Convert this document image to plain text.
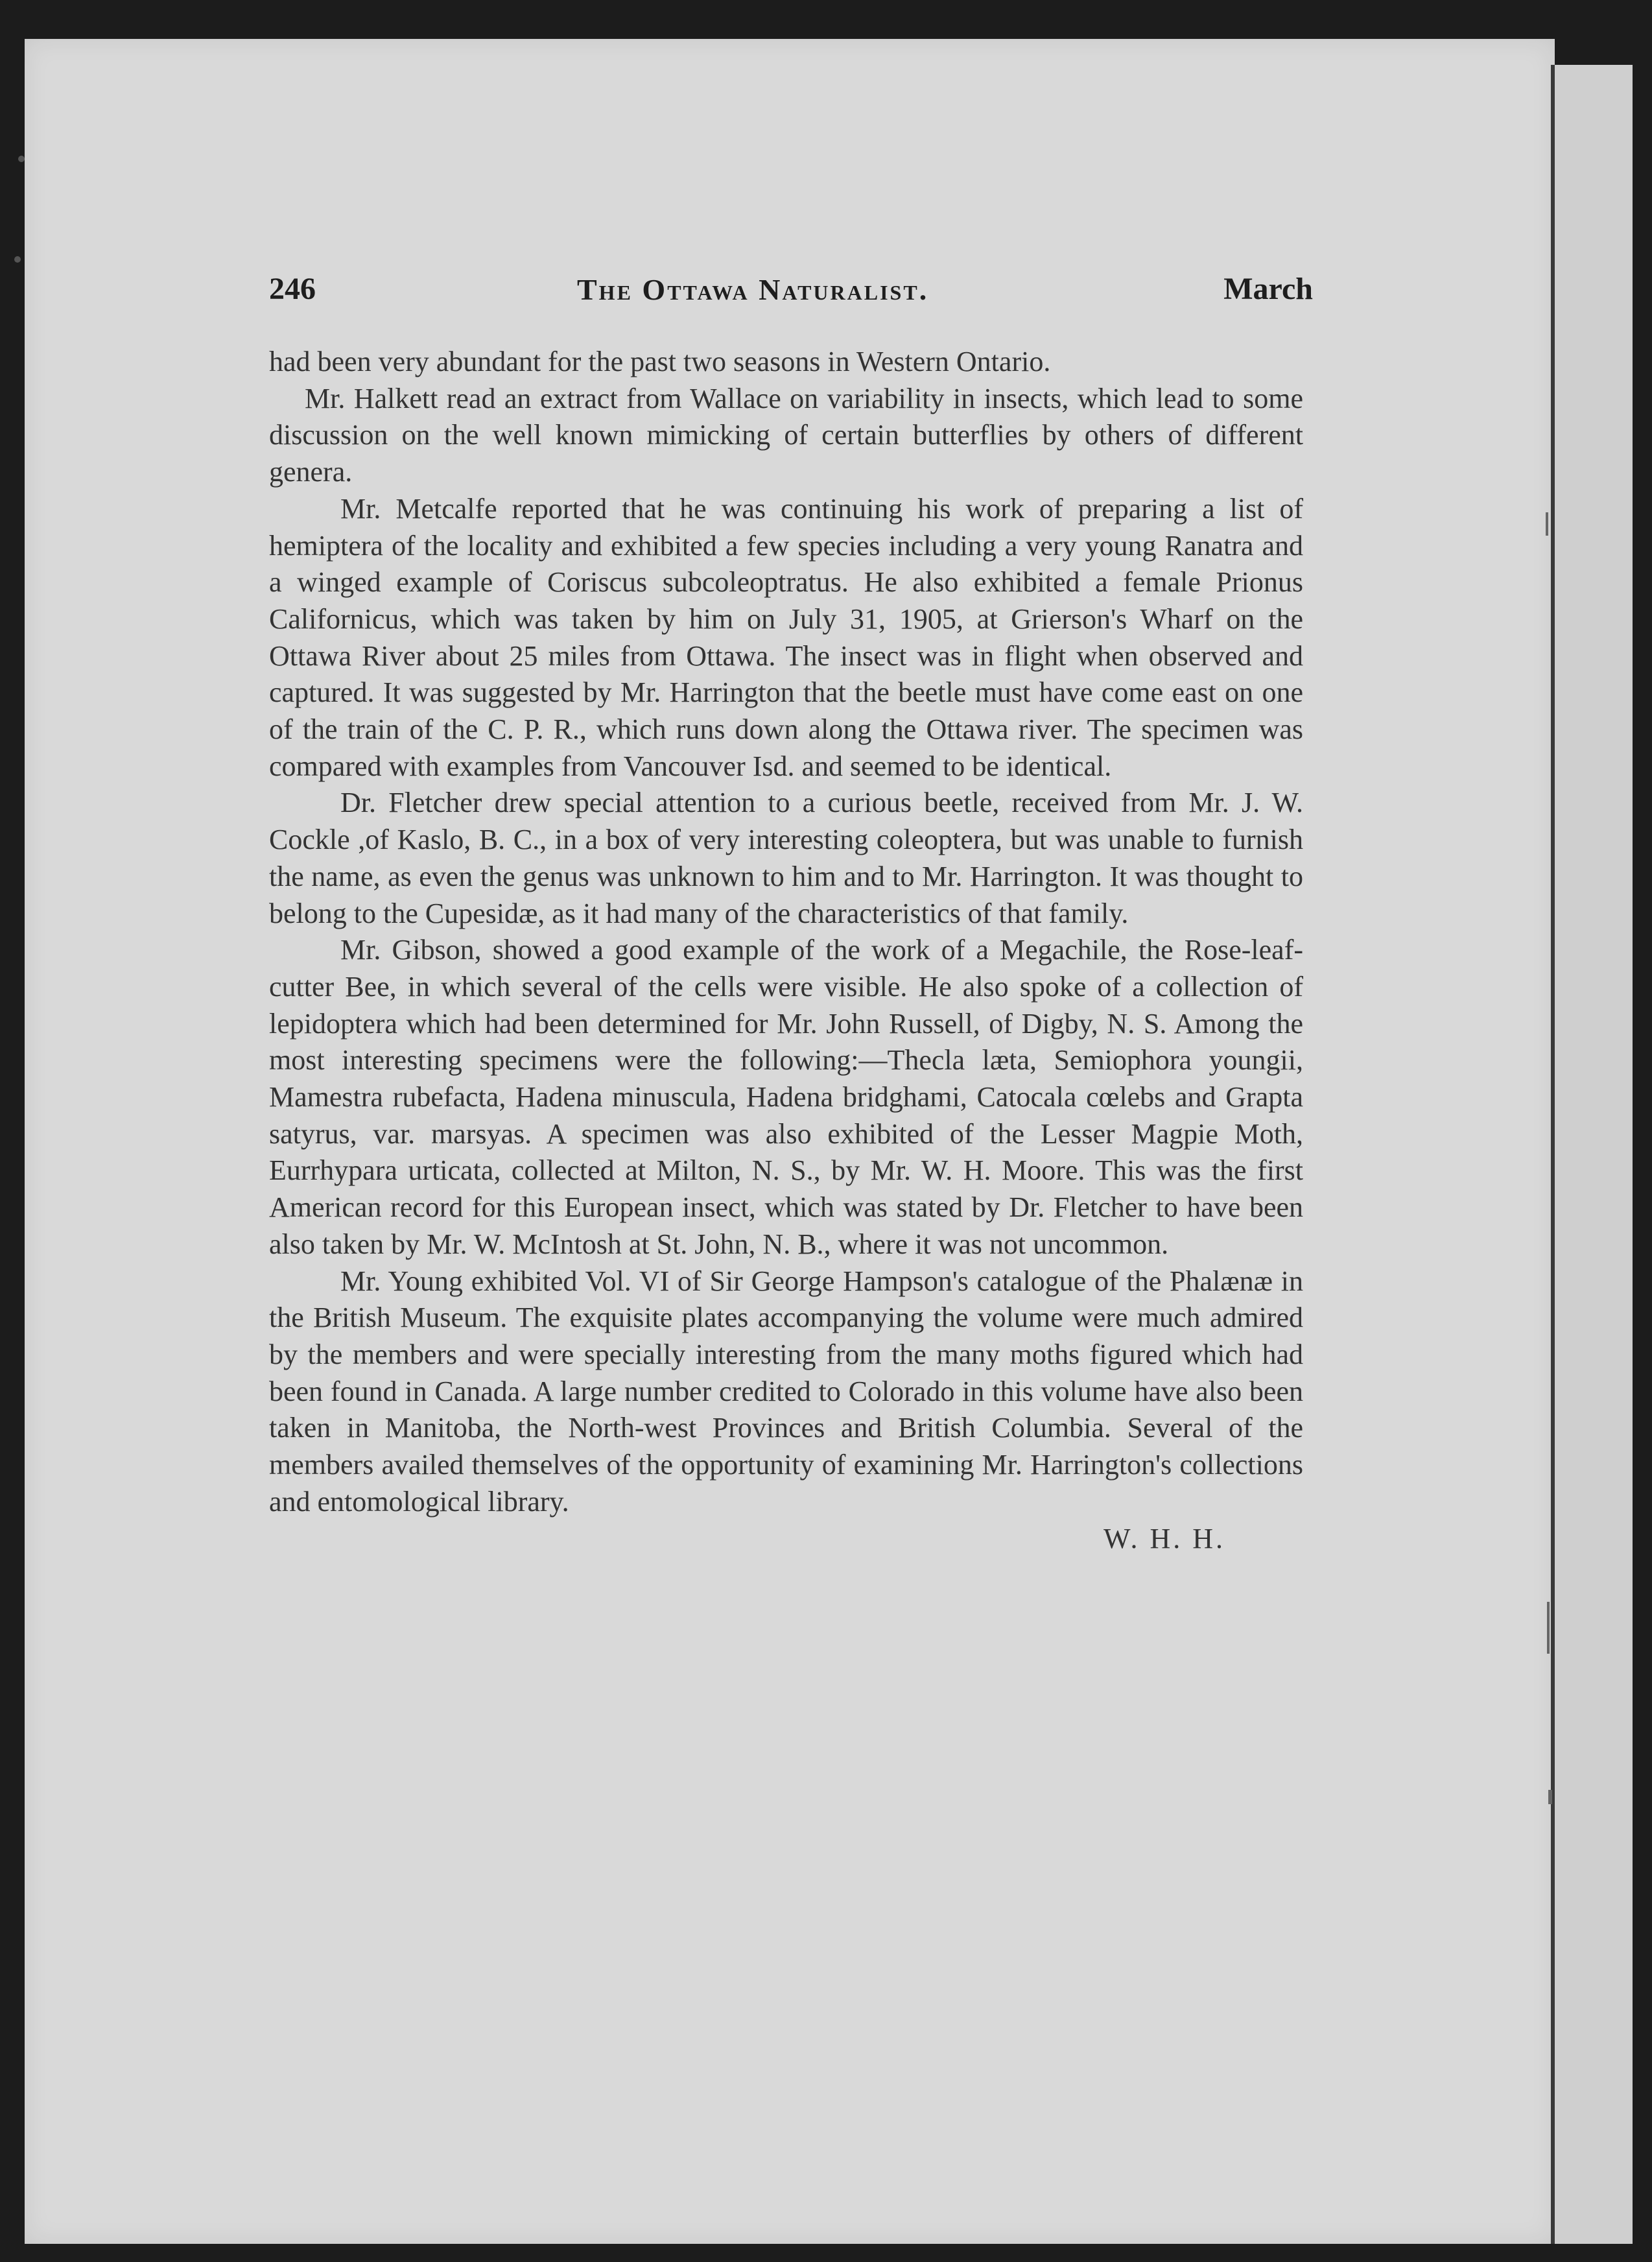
246	The Ottawa Naturalist.	March

had been very abundant for the past two seasons in Western Ontario.

Mr. Halkett read an extract from Wallace on variability in insects, which lead to some discussion on the well known mimicking of certain butterflies by others of different genera.

Mr. Metcalfe reported that he was continuing his work of preparing a list of hemiptera of the locality and exhibited a few species including a very young Ranatra and a winged example of Coriscus subcoleoptratus. He also exhibited a female Prionus Californicus, which was taken by him on July 31, 1905, at Grierson's Wharf on the Ottawa River about 25 miles from Ottawa. The insect was in flight when observed and captured. It was suggested by Mr. Harrington that the beetle must have come east on one of the train of the C. P. R., which runs down along the Ottawa river. The specimen was compared with examples from Vancouver Isd. and seemed to be identical.

Dr. Fletcher drew special attention to a curious beetle, received from Mr. J. W. Cockle ,of Kaslo, B. C., in a box of very interesting coleoptera, but was unable to furnish the name, as even the genus was unknown to him and to Mr. Harrington. It was thought to belong to the Cupesidæ, as it had many of the characteristics of that family.

Mr. Gibson, showed a good example of the work of a Megachile, the Rose-leaf-cutter Bee, in which several of the cells were visible. He also spoke of a collection of lepidoptera which had been determined for Mr. John Russell, of Digby, N. S. Among the most interesting specimens were the following:—Thecla læta, Semiophora youngii, Mamestra rubefacta, Hadena minuscula, Hadena bridghami, Catocala cœlebs and Grapta satyrus, var. marsyas. A specimen was also exhibited of the Lesser Magpie Moth, Eurrhypara urticata, collected at Milton, N. S., by Mr. W. H. Moore. This was the first American record for this European insect, which was stated by Dr. Fletcher to have been also taken by Mr. W. McIntosh at St. John, N. B., where it was not uncommon.

Mr. Young exhibited Vol. VI of Sir George Hampson's catalogue of the Phalænæ in the British Museum. The exquisite plates accompanying the volume were much admired by the members and were specially interesting from the many moths figured which had been found in Canada. A large number credited to Colorado in this volume have also been taken in Manitoba, the North-west Provinces and British Columbia. Several of the members availed themselves of the opportunity of examining Mr. Harrington's collections and entomological library.

W. H. H.
